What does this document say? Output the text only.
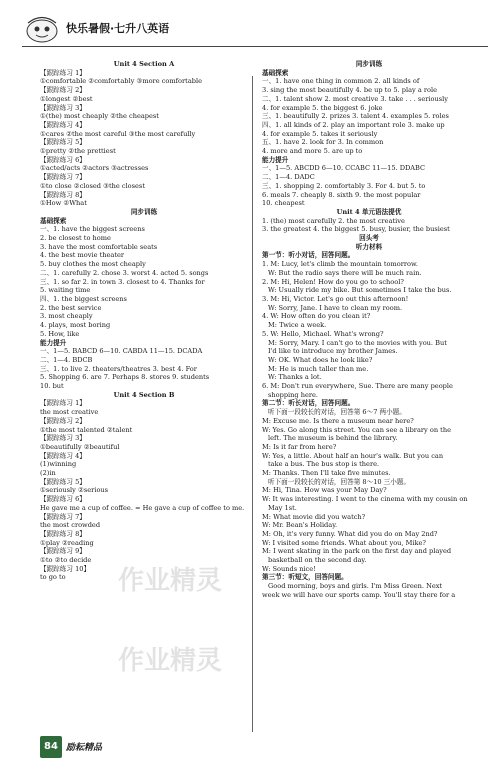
快乐暑假·七升八英语
Unit 4 Section A
【跟踪练习 1】
①comfortable ②comfortably ③more comfortable
【跟踪练习 2】
①longest ②best
【跟踪练习 3】
①(the) most cheaply ②the cheapest
【跟踪练习 4】
①cares ②the most careful ③the most carefully
【跟踪练习 5】
①pretty ②the prettiest
【跟踪练习 6】
①acted/acts ②actors ③actresses
【跟踪练习 7】
①to close ②closed ③the closest
【跟踪练习 8】
①How ②What
同步训练
基础探索
一、1. have the biggest screens
2. be closest to home
3. have the most comfortable seats
4. the best movie theater
5. buy clothes the most cheaply
二、1. carefully 2. chose 3. worst 4. acted 5. songs
三、1. so far 2. in town 3. closest to 4. Thanks for
5. waiting time
四、1. the biggest screens
2. the best service
3. most cheaply
4. plays, most boring
5. How, like
能力提升
一、1—5. BABCD 6—10. CABDA 11—15. DCADA
二、1—4. BDCB
三、1. to live 2. theaters/theatres 3. best 4. For
5. Shopping 6. are 7. Perhaps 8. stores 9. students
10. but
Unit 4 Section B
【跟踪练习 1】
the most creative
【跟踪练习 2】
①the most talented ②talent
【跟踪练习 3】
①beautifully ②beautiful
【跟踪练习 4】
(1)winning
(2)in
【跟踪练习 5】
①seriously ②serious
【跟踪练习 6】
He gave me a cup of coffee. = He gave a cup of coffee to me.
【跟踪练习 7】
the most crowded
【跟踪练习 8】
①play ②reading
【跟踪练习 9】
①to ②to decide
【跟踪练习 10】
to go to
同步训练
基础探索
一、1. have one thing in common 2. all kinds of
3. sing the most beautifully 4. be up to 5. play a role
二、1. talent show 2. most creative 3. take . . . seriously
4. for example 5. the biggest 6. joke
三、1. beautifully 2. prizes 3. talent 4. examples 5. roles
四、1. all kinds of 2. play an important role 3. make up
4. for example 5. takes it seriously
五、1. have 2. look for 3. In common
4. more and more 5. are up to
能力提升
一、1—5. ABCDD 6—10. CCABC 11—15. DDABC
二、1—4. DADC
三、1. shopping 2. comfortably 3. For 4. but 5. to
6. meals 7. cheaply 8. sixth 9. the most popular
10. cheapest
Unit 4 单元语法提优
1. (the) most carefully 2. the most creative
3. the greatest 4. the biggest 5. busy, busier, the busiest
回头考
听力材料
第一节：听小对话，回答问题。
1. M: Lucy, let's climb the mountain tomorrow.
W: But the radio says there will be much rain.
2. M: Hi, Helen! How do you go to school?
W: Usually ride my bike. But sometimes I take the bus.
3. M: Hi, Victor. Let's go out this afternoon!
W: Sorry, Jane. I have to clean my room.
4. W: How often do you clean it?
M: Twice a week.
5. W: Hello, Michael. What's wrong?
M: Sorry, Mary. I can't go to the movies with you. But
I'd like to introduce my brother James.
W: OK. What does he look like?
M: He is much taller than me.
W: Thanks a lot.
6. M: Don't run everywhere, Sue. There are many people
shopping here.
第二节：听长对话，回答问题。
听下面一段较长的对话，回答第 6～7 两小题。
M: Excuse me. Is there a museum near here?
W: Yes. Go along this street. You can see a library on the
left. The museum is behind the library.
M: Is it far from here?
W: Yes, a little. About half an hour's walk. But you can
take a bus. The bus stop is there.
M: Thanks. Then I'll take five minutes.
听下面一段较长的对话，回答第 8～10 三小题。
M: Hi, Tina. How was your May Day?
W: It was interesting. I went to the cinema with my cousin on
May 1st.
M: What movie did you watch?
W: Mr. Bean's Holiday.
M: Oh, it's very funny. What did you do on May 2nd?
W: I visited some friends. What about you, Mike?
M: I went skating in the park on the first day and played
basketball on the second day.
W: Sounds nice!
第三节：听短文，回答问题。
Good morning, boys and girls. I'm Miss Green. Next
week we will have our sports camp. You'll stay there for a
作业精灵
作业精灵
84 励耘精品
